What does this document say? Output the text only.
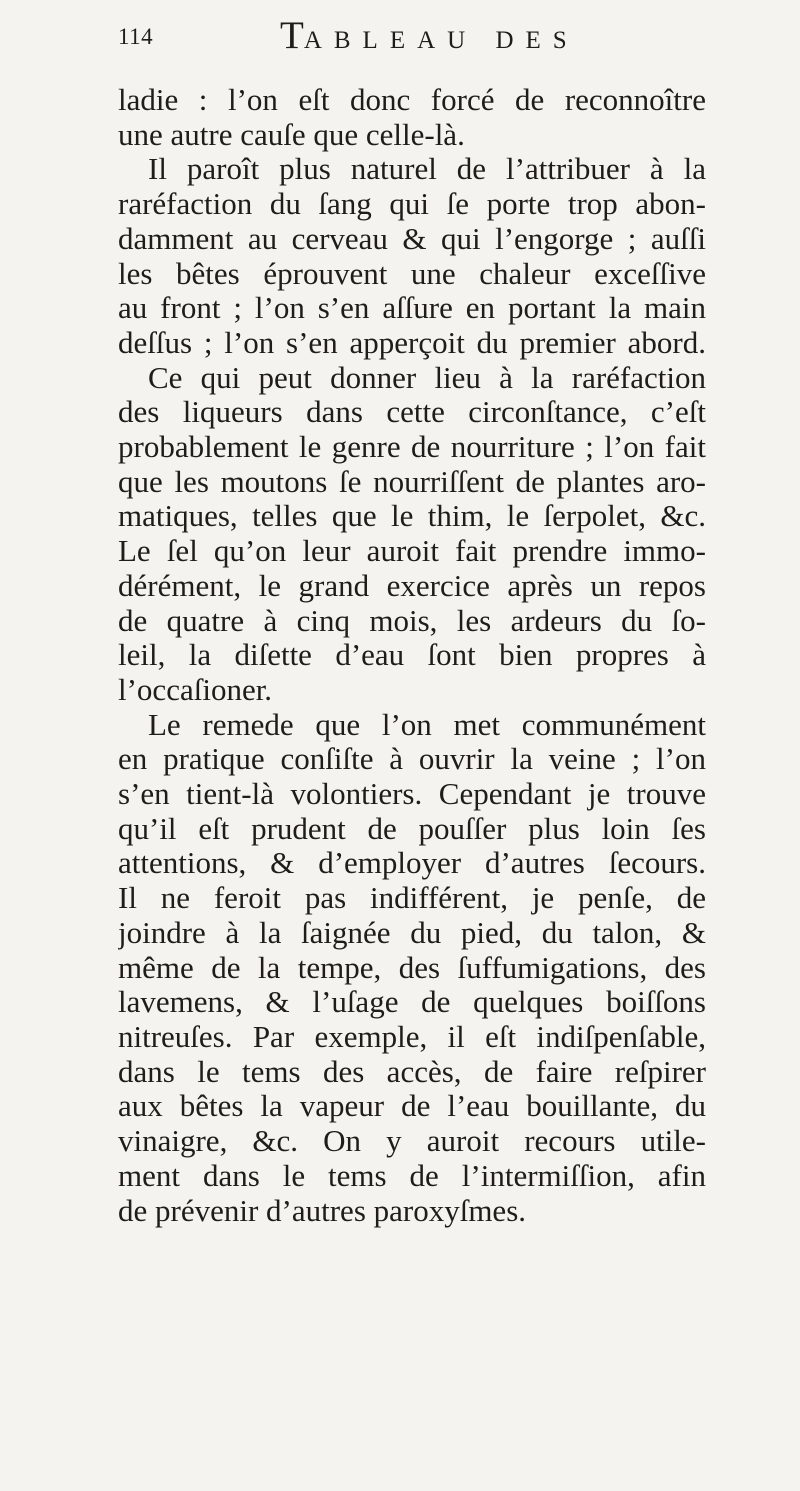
114	TABLEAU DES
ladie : l’on eſt donc forcé de reconnoître
une autre cauſe que celle-là.
Il paroît plus naturel de l’attribuer à la
raréfaction du ſang qui ſe porte trop abon-
damment au cerveau & qui l’engorge ; auſſi
les bêtes éprouvent une chaleur exceſſive
au front ; l’on s’en aſſure en portant la main
deſſus ; l’on s’en apperçoit du premier abord.
Ce qui peut donner lieu à la raréfaction
des liqueurs dans cette circonſtance, c’eſt
probablement le genre de nourriture ; l’on fait
que les moutons ſe nourriſſent de plantes aro-
matiques, telles que le thim, le ſerpolet, &c.
Le ſel qu’on leur auroit fait prendre immo-
dérément, le grand exercice après un repos
de quatre à cinq mois, les ardeurs du ſo-
leil, la diſette d’eau ſont bien propres à
l’occaſioner.
Le remede que l’on met communément
en pratique conſiſte à ouvrir la veine ; l’on
s’en tient-là volontiers. Cependant je trouve
qu’il eſt prudent de pouſſer plus loin ſes
attentions, & d’employer d’autres ſecours.
Il ne feroit pas indifférent, je penſe, de
joindre à la ſaignée du pied, du talon, &
même de la tempe, des ſuffumigations, des
lavemens, & l’uſage de quelques boiſſons
nitreuſes. Par exemple, il eſt indiſpenſable,
dans le tems des accès, de faire reſpirer
aux bêtes la vapeur de l’eau bouillante, du
vinaigre, &c. On y auroit recours utile-
ment dans le tems de l’intermiſſion, afin
de prévenir d’autres paroxyſmes.
